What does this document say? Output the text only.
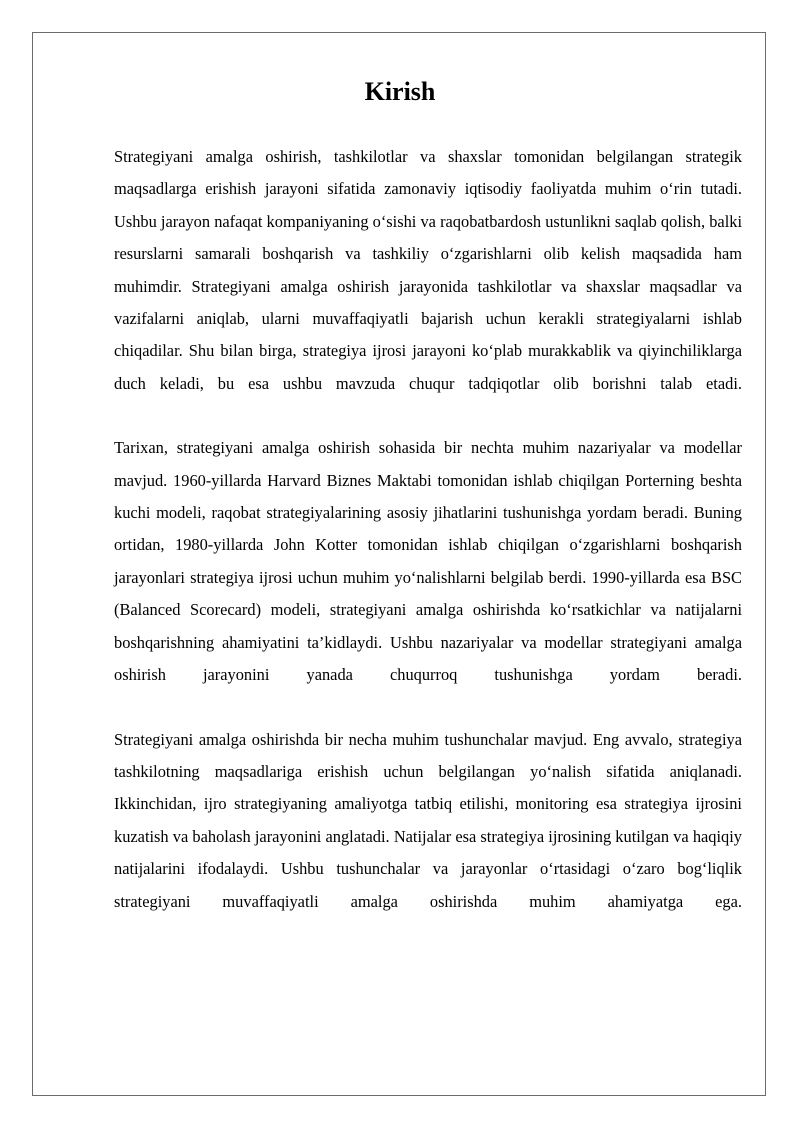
Kirish

Strategiyani amalga oshirish, tashkilotlar va shaxslar tomonidan belgilangan strategik maqsadlarga erishish jarayoni sifatida zamonaviy iqtisodiy faoliyatda muhim o‘rin tutadi. Ushbu jarayon nafaqat kompaniyaning o‘sishi va raqobatbardosh ustunlikni saqlab qolish, balki resurslarni samarali boshqarish va tashkiliy o‘zgarishlarni olib kelish maqsadida ham muhimdir. Strategiyani amalga oshirish jarayonida tashkilotlar va shaxslar maqsadlar va vazifalarni aniqlab, ularni muvaffaqiyatli bajarish uchun kerakli strategiyalarni ishlab chiqadilar. Shu bilan birga, strategiya ijrosi jarayoni ko‘plab murakkablik va qiyinchiliklarga duch keladi, bu esa ushbu mavzuda chuqur tadqiqotlar olib borishni talab etadi.

Tarixan, strategiyani amalga oshirish sohasida bir nechta muhim nazariyalar va modellar mavjud. 1960-yillarda Harvard Biznes Maktabi tomonidan ishlab chiqilgan Porterning beshta kuchi modeli, raqobat strategiyalarining asosiy jihatlarini tushunishga yordam beradi. Buning ortidan, 1980-yillarda John Kotter tomonidan ishlab chiqilgan o‘zgarishlarni boshqarish jarayonlari strategiya ijrosi uchun muhim yo‘nalishlarni belgilab berdi. 1990-yillarda esa BSC (Balanced Scorecard) modeli, strategiyani amalga oshirishda ko‘rsatkichlar va natijalarni boshqarishning ahamiyatini ta’kidlaydi. Ushbu nazariyalar va modellar strategiyani amalga oshirish jarayonini yanada chuqurroq tushunishga yordam beradi.

Strategiyani amalga oshirishda bir necha muhim tushunchalar mavjud. Eng avvalo, strategiya tashkilotning maqsadlariga erishish uchun belgilangan yo‘nalish sifatida aniqlanadi. Ikkinchidan, ijro strategiyaning amaliyotga tatbiq etilishi, monitoring esa strategiya ijrosini kuzatish va baholash jarayonini anglatadi. Natijalar esa strategiya ijrosining kutilgan va haqiqiy natijalarini ifodalaydi. Ushbu tushunchalar va jarayonlar o‘rtasidagi o‘zaro bog‘liqlik strategiyani muvaffaqiyatli amalga oshirishda muhim ahamiyatga ega.
